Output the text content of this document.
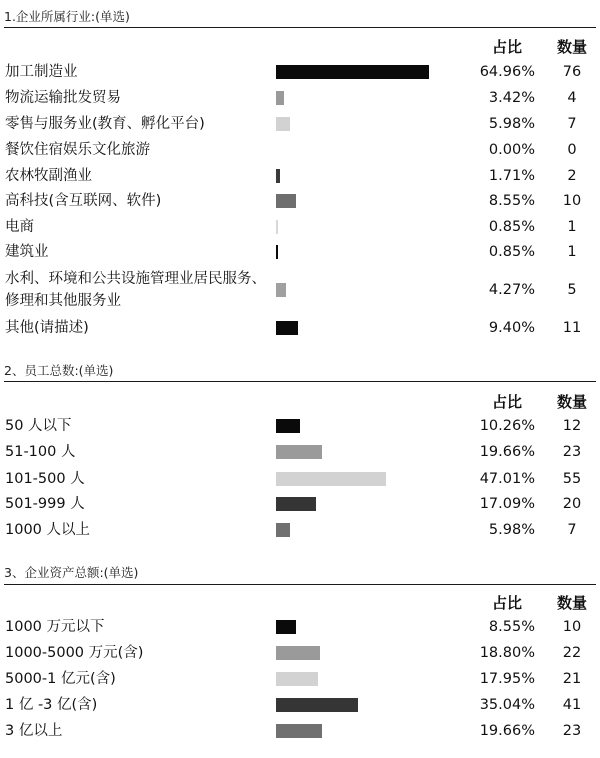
1.企业所属行业:(单选)
占比	数量
加工制造业	64.96%	76
物流运输批发贸易	3.42%	4
零售与服务业(教育、孵化平台)	5.98%	7
餐饮住宿娱乐文化旅游	0.00%	0
农林牧副渔业	1.71%	2
高科技(含互联网、软件)	8.55%	10
电商	0.85%	1
建筑业	0.85%	1
水利、环境和公共设施管理业居民服务、
修理和其他服务业
4.27%	5
其他(请描述)	9.40%	11
2、员工总数:(单选)
占比	数量
50 人以下	10.26%	12
51-100 人	19.66%	23
101-500 人	47.01%	55
501-999 人	17.09%	20
1000 人以上	5.98%	7
3、企业资产总额:(单选)
占比	数量
1000 万元以下	8.55%	10
1000-5000 万元(含)	18.80%	22
5000-1 亿元(含)	17.95%	21
1 亿 -3 亿(含)	35.04%	41
3 亿以上	19.66%	23
